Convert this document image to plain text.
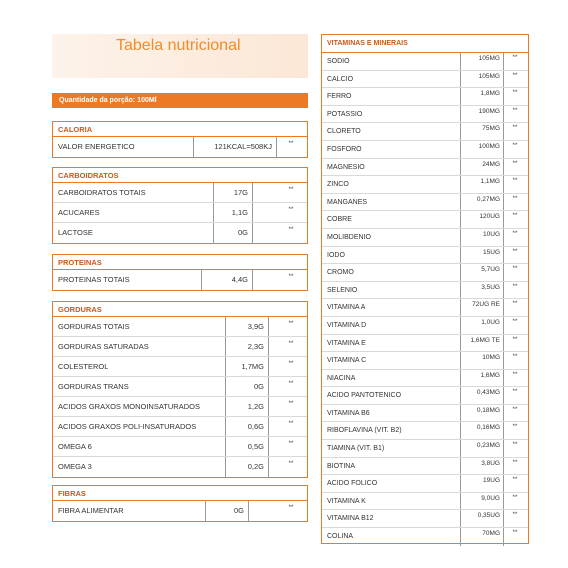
Tabela nutricional
Quantidade da porção: 100Ml
CALORIA
VALOR ENERGETICO	121KCAL=508KJ	**
CARBOIDRATOS
CARBOIDRATOS TOTAIS	17G	**
ACUCARES	1,1G	**
LACTOSE	0G	**
PROTEINAS
PROTEINAS TOTAIS	4,4G	**
GORDURAS
GORDURAS TOTAIS	3,9G	**
GORDURAS SATURADAS	2,3G	**
COLESTEROL	1,7MG	**
GORDURAS TRANS	0G	**
ACIDOS GRAXOS MONOINSATURADOS	1,2G	**
ACIDOS GRAXOS POLI-INSATURADOS	0,6G	**
OMEGA 6	0,5G	**
OMEGA 3	0,2G	**
FIBRAS
FIBRA ALIMENTAR	0G	**
VITAMINAS E MINERAIS
SODIO	105MG	**
CALCIO	105MG	**
FERRO	1,8MG	**
POTASSIO	190MG	**
CLORETO	75MG	**
FOSFORO	100MG	**
MAGNESIO	24MG	**
ZINCO	1,1MG	**
MANGANES	0,27MG	**
COBRE	120UG	**
MOLIBDENIO	10UG	**
IODO	15UG	**
CROMO	5,7UG	**
SELENIO	3,5UG	**
VITAMINA A	72UG RE	**
VITAMINA D	1,0UG	**
VITAMINA E	1,6MG TE	**
VITAMINA C	10MG	**
NIACINA	1,6MG	**
ACIDO PANTOTENICO	0,43MG	**
VITAMINA B6	0,18MG	**
RIBOFLAVINA (VIT. B2)	0,16MG	**
TIAMINA (VIT. B1)	0,23MG	**
BIOTINA	3,8UG	**
ACIDO FOLICO	19UG	**
VITAMINA K	9,0UG	**
VITAMINA B12	0,35UG	**
COLINA	70MG	**
